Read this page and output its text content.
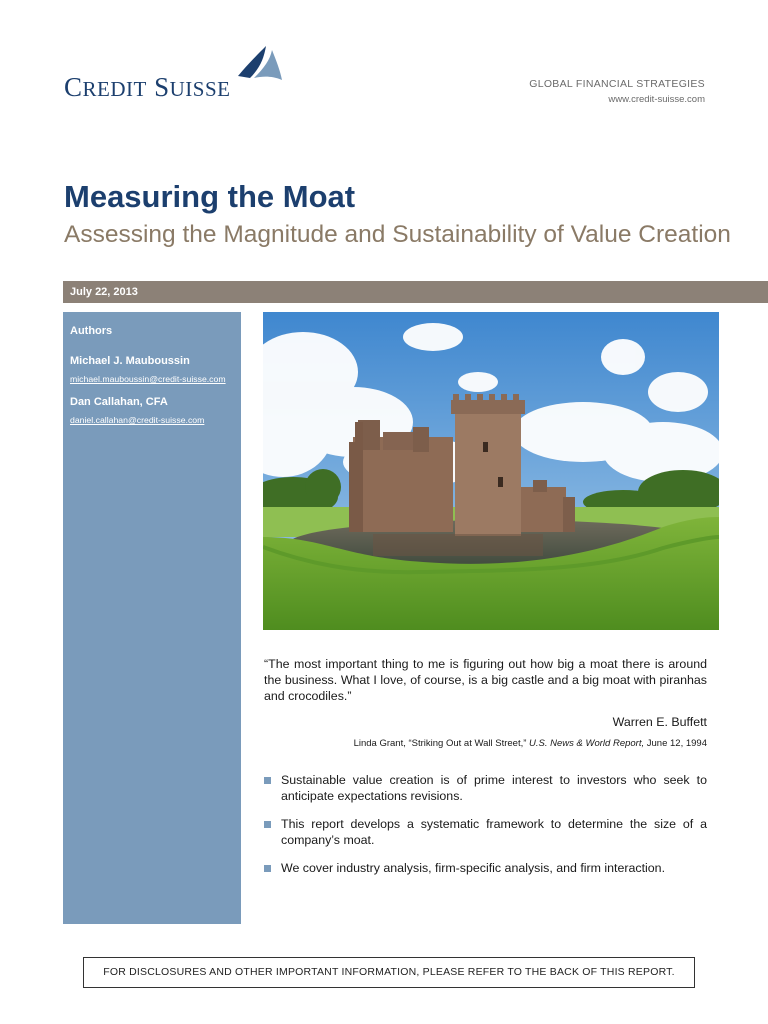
CREDIT SUISSE	GLOBAL FINANCIAL STRATEGIES
www.credit-suisse.com
Measuring the Moat
Assessing the Magnitude and Sustainability of Value Creation
July 22, 2013
Authors
Michael J. Mauboussin
michael.mauboussin@credit-suisse.com
Dan Callahan, CFA
daniel.callahan@credit-suisse.com
“The most important thing to me is figuring out how big a moat there is around the business. What I love, of course, is a big castle and a big moat with piranhas and crocodiles.”
Warren E. Buffett
Linda Grant, “Striking Out at Wall Street,” U.S. News & World Report, June 12, 1994
Sustainable value creation is of prime interest to investors who seek to anticipate expectations revisions.
This report develops a systematic framework to determine the size of a company’s moat.
We cover industry analysis, firm-specific analysis, and firm interaction.
FOR DISCLOSURES AND OTHER IMPORTANT INFORMATION, PLEASE REFER TO THE BACK OF THIS REPORT.
